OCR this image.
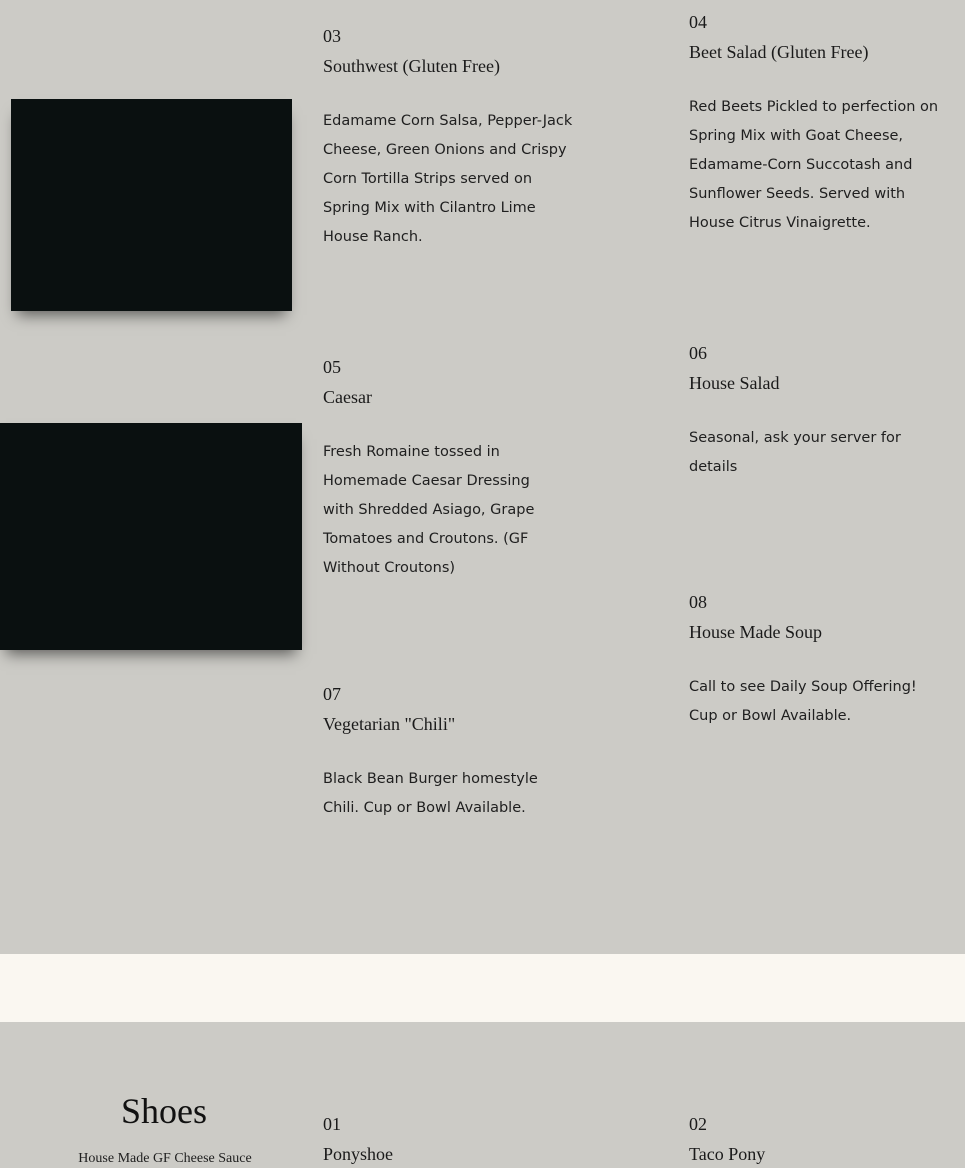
03
Southwest (Gluten Free)
Edamame Corn Salsa, Pepper-Jack Cheese, Green Onions and Crispy Corn Tortilla Strips served on Spring Mix with Cilantro Lime House Ranch.
04
Beet Salad (Gluten Free)
Red Beets Pickled to perfection on Spring Mix with Goat Cheese, Edamame-Corn Succotash and Sunflower Seeds. Served with House Citrus Vinaigrette.
05
Caesar
Fresh Romaine tossed in Homemade Caesar Dressing with Shredded Asiago, Grape Tomatoes and Croutons. (GF Without Croutons)
06
House Salad
Seasonal, ask your server for details
07
Vegetarian "Chili"
Black Bean Burger homestyle Chili. Cup or Bowl Available.
08
House Made Soup
Call to see Daily Soup Offering! Cup or Bowl Available.
Shoes
House Made GF Cheese Sauce
01
Ponyshoe
02
Taco Pony
